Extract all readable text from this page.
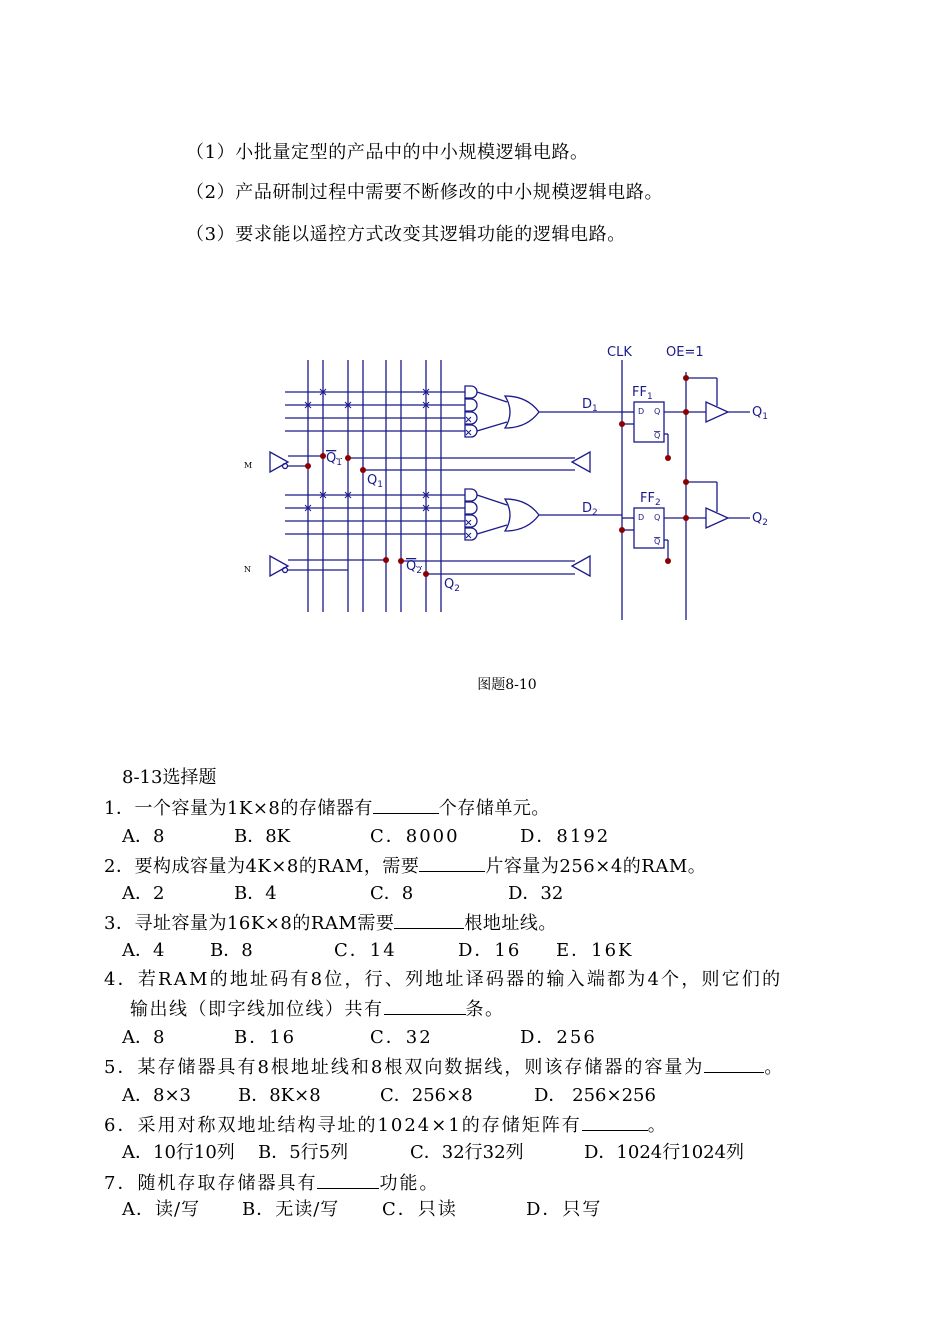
（1）小批量定型的产品中的中小规模逻辑电路。
（2）产品研制过程中需要不断修改的中小规模逻辑电路。
（3）要求能以遥控方式改变其逻辑功能的逻辑电路。
CLK	OE=1
$FF_1$
$FF_2$
$D_1$
$D_2$
$Q_1$
$Q_2$
$Q_1$
$Q_1$
$Q_2$
$Q_2$
D Q
Q
D Q
Q
M
N
图题8-10
8-13选择题
1．一个容量为1K×8的存储器有	个存储单元。
A．8	B．8K	C．8000	D．8192
2．要构成容量为4K×8的RAM，需要	片容量为256×4的RAM。
A．2	B．4	C．8	D．32
3．寻址容量为16K×8的RAM需要	根地址线。
A．4	B．8	C．14	D．16 E．16K
4．若RAM的地址码有8位，行、列地址译码器的输入端都为4个，则它们的
输出线（即字线加位线）共有	条。
A．8	B．16	C．32	D．256
5．某存储器具有8根地址线和8根双向数据线，则该存储器的容量为	。
A．8×3	B．8K×8	C．256×8	D． 256×256
6．采用对称双地址结构寻址的1024×1的存储矩阵有	。
A．10行10列 B．5行5列	C．32行32列	D．1024行1024列
7．随机存取存储器具有	功能。
A．读/写 B．无读/写 C．只读	D．只写
